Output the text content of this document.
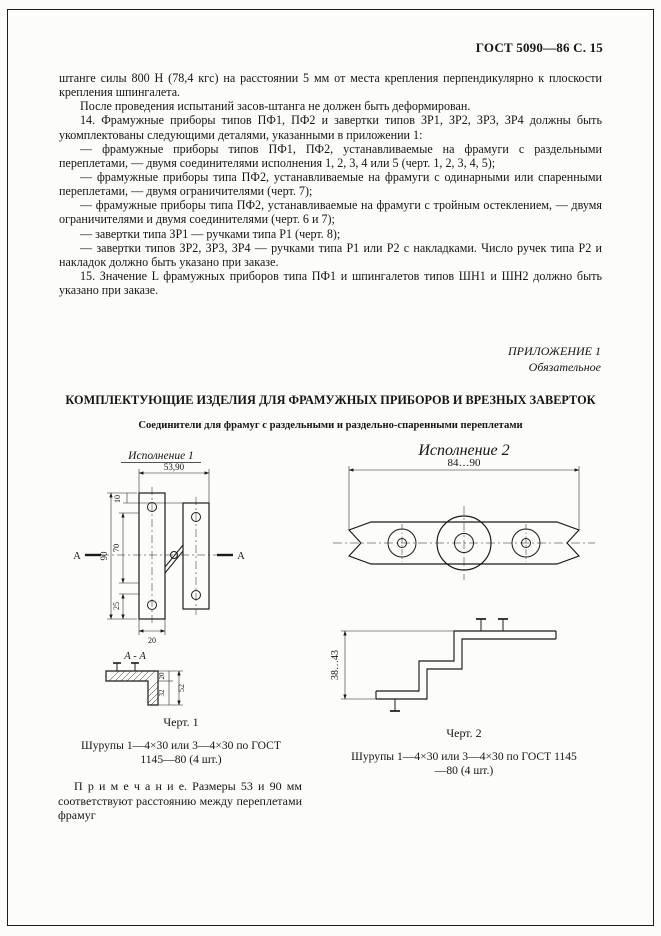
ГОСТ 5090—86 С. 15

штанге силы 800 Н (78,4 кгс) на расстоянии 5 мм от места крепления перпендикулярно к плоскости крепления шпингалета.

После проведения испытаний засов-штанга не должен быть деформирован.

14. Фрамужные приборы типов ПФ1, ПФ2 и завертки типов ЗР1, ЗР2, ЗР3, ЗР4 должны быть укомплектованы следующими деталями, указанными в приложении 1:

— фрамужные приборы типов ПФ1, ПФ2, устанавливаемые на фрамуги с раздельными переплетами, — двумя соединителями исполнения 1, 2, 3, 4 или 5 (черт. 1, 2, 3, 4, 5);

— фрамужные приборы типа ПФ2, устанавливаемые на фрамуги с одинарными или спаренными переплетами, — двумя ограничителями (черт. 7);

— фрамужные приборы типа ПФ2, устанавливаемые на фрамуги с тройным остеклением, — двумя ограничителями и двумя соединителями (черт. 6 и 7);

— завертки типа ЗР1 — ручками типа Р1 (черт. 8);

— завертки типов ЗР2, ЗР3, ЗР4 — ручками типа Р1 или Р2 с накладками. Число ручек типа Р2 и накладок должно быть указано при заказе.

15. Значение L фрамужных приборов типа ПФ1 и шпингалетов типов ШН1 и ШН2 должно быть указано при заказе.

ПРИЛОЖЕНИЕ 1
Обязательное
КОМПЛЕКТУЮЩИЕ ИЗДЕЛИЯ ДЛЯ ФРАМУЖНЫХ ПРИБОРОВ И ВРЕЗНЫХ ЗАВЕРТОК
Соединители для фрамуг с раздельными и раздельно-спаренными переплетами
Исполнение 1
53,90
10
90
70
25
20
А	А
А - А
52
20
32
Черт. 1
Шурупы 1—4×30 или 3—4×30 по ГОСТ 1145—80 (4 шт.)

П р и м е ч а н и е. Размеры 53 и 90 мм соответствуют расстоянию между переплетами фрамуг

Исполнение 2
84…90
38…43
Черт. 2
Шурупы 1—4×30 или 3—4×30 по ГОСТ 1145—80 (4 шт.)
